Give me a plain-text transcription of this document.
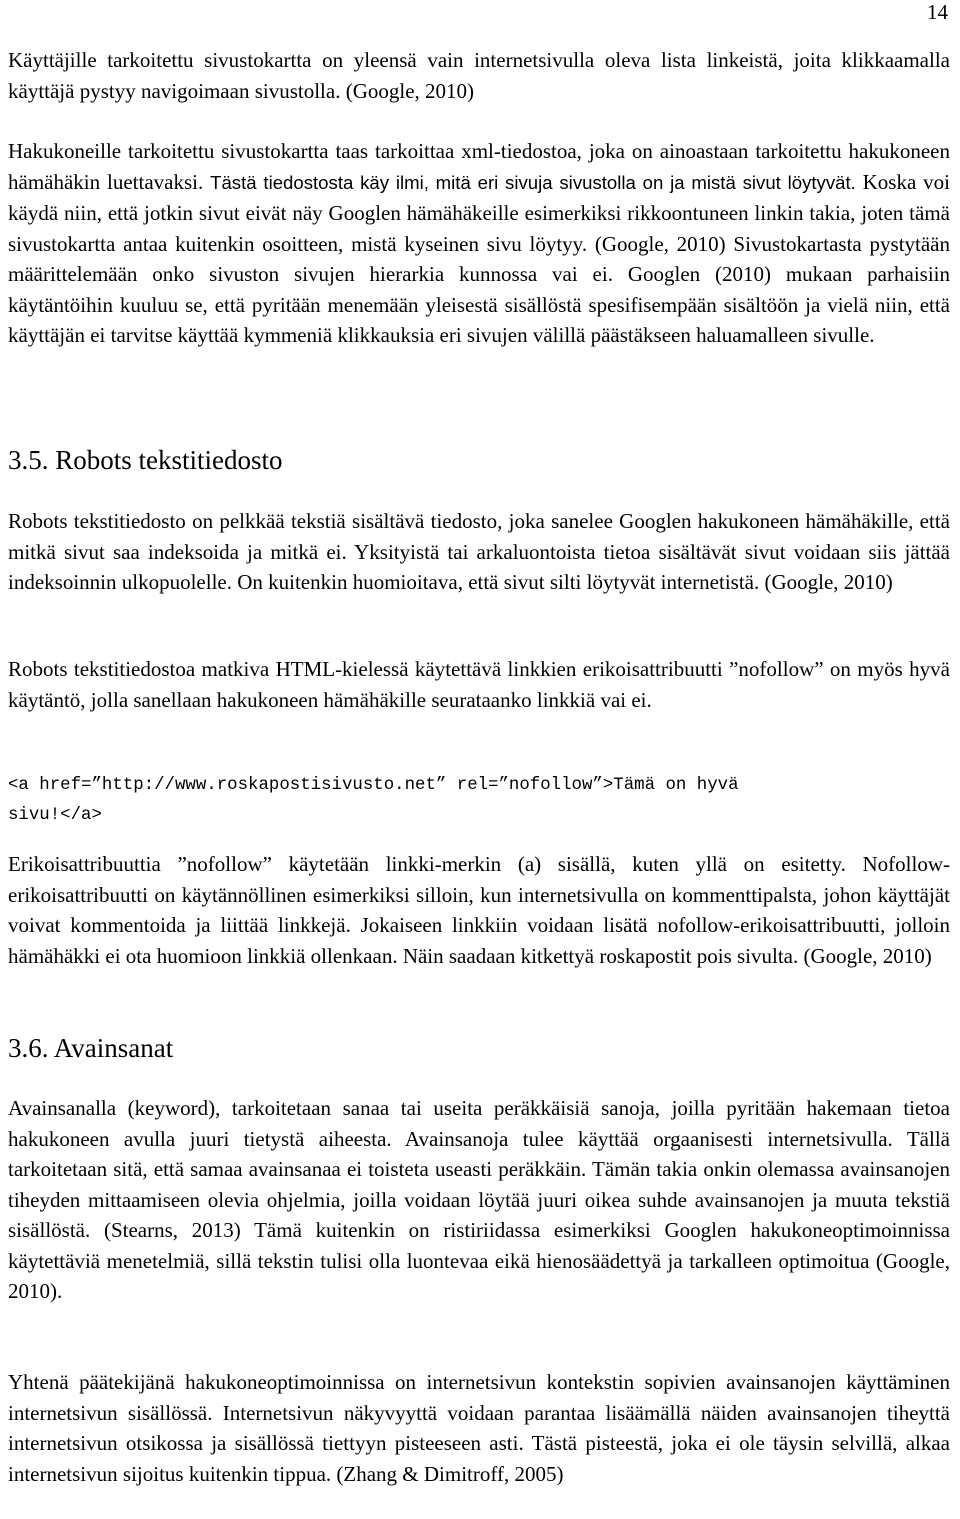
14

Käyttäjille tarkoitettu sivustokartta on yleensä vain internetsivulla oleva lista linkeistä, joita klikkaamalla käyttäjä pystyy navigoimaan sivustolla. (Google, 2010)

Hakukoneille tarkoitettu sivustokartta taas tarkoittaa xml-tiedostoa, joka on ainoastaan tarkoitettu hakukoneen hämähäkin luettavaksi. Tästä tiedostosta käy ilmi, mitä eri sivuja sivustolla on ja mistä sivut löytyvät. Koska voi käydä niin, että jotkin sivut eivät näy Googlen hämähäkeille esimerkiksi rikkoontuneen linkin takia, joten tämä sivustokartta antaa kuitenkin osoitteen, mistä kyseinen sivu löytyy. (Google, 2010) Sivustokartasta pystytään määrittelemään onko sivuston sivujen hierarkia kunnossa vai ei. Googlen (2010) mukaan parhaisiin käytäntöihin kuuluu se, että pyritään menemään yleisestä sisällöstä spesifisempään sisältöön ja vielä niin, että käyttäjän ei tarvitse käyttää kymmeniä klikkauksia eri sivujen välillä päästäkseen haluamalleen sivulle.

3.5. Robots tekstitiedosto

Robots tekstitiedosto on pelkkää tekstiä sisältävä tiedosto, joka sanelee Googlen hakukoneen hämähäkille, että mitkä sivut saa indeksoida ja mitkä ei. Yksityistä tai arkaluontoista tietoa sisältävät sivut voidaan siis jättää indeksoinnin ulkopuolelle. On kuitenkin huomioitava, että sivut silti löytyvät internetistä. (Google, 2010)

Robots tekstitiedostoa matkiva HTML-kielessä käytettävä linkkien erikoisattribuutti ”nofollow” on myös hyvä käytäntö, jolla sanellaan hakukoneen hämähäkille seurataanko linkkiä vai ei.

<a href=”http://www.roskapostisivusto.net” rel=”nofollow”>Tämä on hyvä
sivu!</a>

Erikoisattribuuttia ”nofollow” käytetään linkki-merkin (a) sisällä, kuten yllä on esitetty. Nofollow-erikoisattribuutti on käytännöllinen esimerkiksi silloin, kun internetsivulla on kommenttipalsta, johon käyttäjät voivat kommentoida ja liittää linkkejä. Jokaiseen linkkiin voidaan lisätä nofollow-erikoisattribuutti, jolloin hämähäkki ei ota huomioon linkkiä ollenkaan. Näin saadaan kitkettyä roskapostit pois sivulta. (Google, 2010)

3.6. Avainsanat

Avainsanalla (keyword), tarkoitetaan sanaa tai useita peräkkäisiä sanoja, joilla pyritään hakemaan tietoa hakukoneen avulla juuri tietystä aiheesta. Avainsanoja tulee käyttää orgaanisesti internetsivulla. Tällä tarkoitetaan sitä, että samaa avainsanaa ei toisteta useasti peräkkäin. Tämän takia onkin olemassa avainsanojen tiheyden mittaamiseen olevia ohjelmia, joilla voidaan löytää juuri oikea suhde avainsanojen ja muuta tekstiä sisällöstä. (Stearns, 2013) Tämä kuitenkin on ristiriidassa esimerkiksi Googlen hakukoneoptimoinnissa käytettäviä menetelmiä, sillä tekstin tulisi olla luontevaa eikä hienosäädettyä ja tarkalleen optimoitua (Google, 2010).

Yhtenä päätekijänä hakukoneoptimoinnissa on internetsivun kontekstin sopivien avainsanojen käyttäminen internetsivun sisällössä. Internetsivun näkyvyyttä voidaan parantaa lisäämällä näiden avainsanojen tiheyttä internetsivun otsikossa ja sisällössä tiettyyn pisteeseen asti. Tästä pisteestä, joka ei ole täysin selvillä, alkaa internetsivun sijoitus kuitenkin tippua. (Zhang & Dimitroff, 2005)
